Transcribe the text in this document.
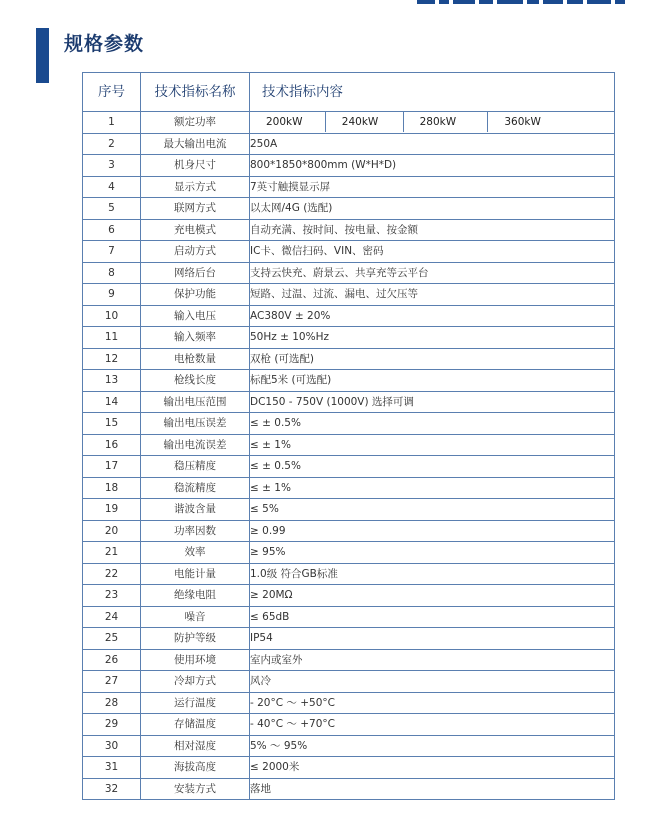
规格参数
序号	技术指标名称	技术指标内容
1	额定功率	200kW 240kW 280kW 360kW

2	最大输出电流	250A
3	机身尺寸	800*1850*800mm (W*H*D)
4	显示方式	7英寸触摸显示屏
5	联网方式	以太网/4G (选配)
6	充电模式	自动充满、按时间、按电量、按金额
7	启动方式	IC卡、微信扫码、VIN、密码
8	网络后台	支持云快充、蔚景云、共享充等云平台
9	保护功能	短路、过温、过流、漏电、过欠压等
10	输入电压	AC380V ± 20%
11	输入频率	50Hz ± 10%Hz
12	电枪数量	双枪 (可选配)
13	枪线长度	标配5米 (可选配)
14	输出电压范围	DC150 - 750V (1000V) 选择可调
15	输出电压误差	≤ ± 0.5%
16	输出电流误差	≤ ± 1%
17	稳压精度	≤ ± 0.5%
18	稳流精度	≤ ± 1%
19	谐波含量	≤ 5%
20	功率因数	≥ 0.99
21	效率	≥ 95%
22	电能计量	1.0级 符合GB标准
23	绝缘电阻	≥ 20MΩ
24	噪音	≤ 65dB
25	防护等级	IP54
26	使用环境	室内或室外
27	冷却方式	风冷
28	运行温度	- 20°C ～ +50°C
29	存储温度	- 40°C ～ +70°C
30	相对湿度	5% ～ 95%
31	海拔高度	≤ 2000米
32	安装方式	落地
